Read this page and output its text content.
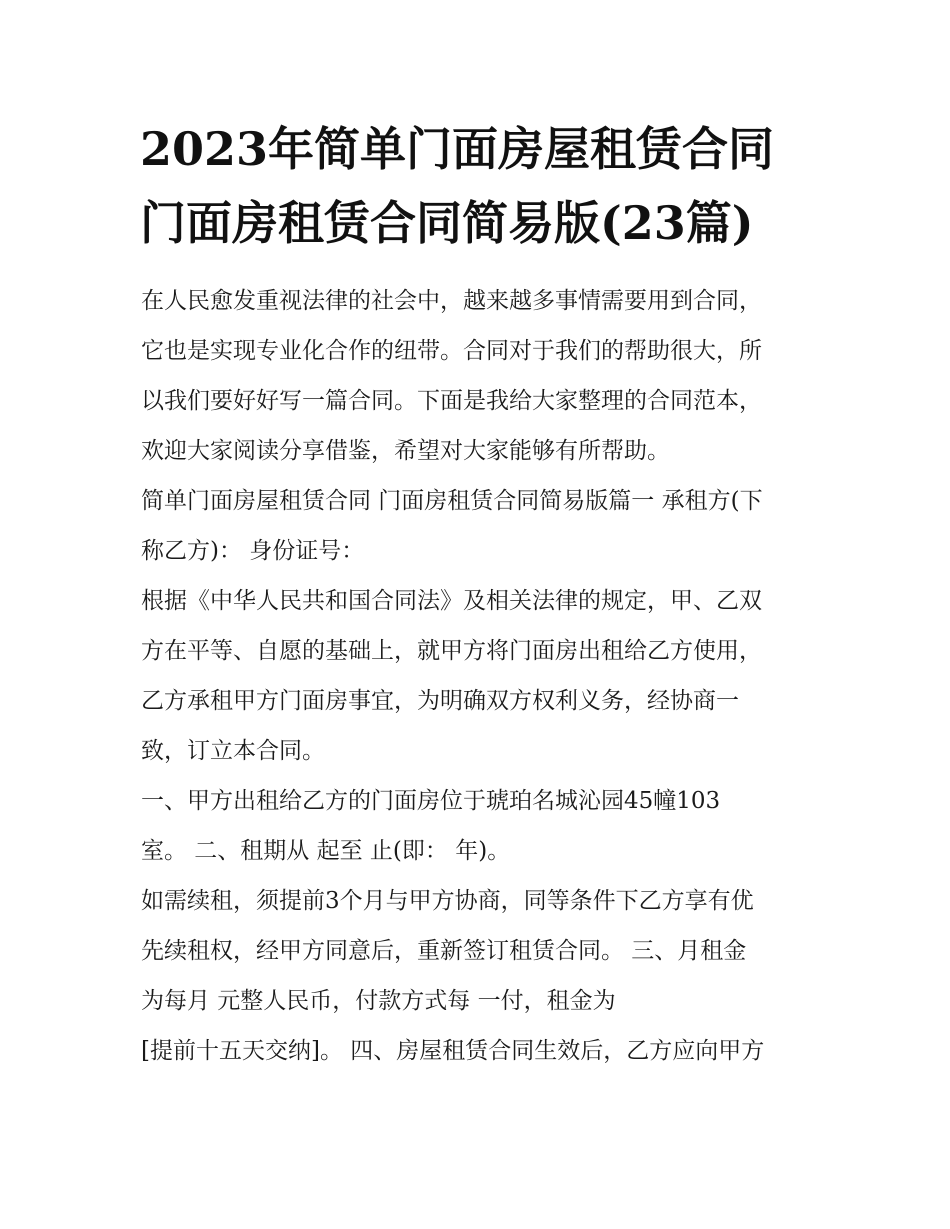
2023年简单门面房屋租赁合同
门面房租赁合同简易版(23篇)
在人民愈发重视法律的社会中，越来越多事情需要用到合同，
它也是实现专业化合作的纽带。合同对于我们的帮助很大，所
以我们要好好写一篇合同。下面是我给大家整理的合同范本，
欢迎大家阅读分享借鉴，希望对大家能够有所帮助。
简单门面房屋租赁合同 门面房租赁合同简易版篇一 承租方(下
称乙方)： 身份证号：
根据《中华人民共和国合同法》及相关法律的规定，甲、乙双
方在平等、自愿的基础上，就甲方将门面房出租给乙方使用，
乙方承租甲方门面房事宜，为明确双方权利义务，经协商一
致，订立本合同。
一、甲方出租给乙方的门面房位于琥珀名城沁园45幢103
室。 二、租期从 起至 止(即： 年)。
如需续租，须提前3个月与甲方协商，同等条件下乙方享有优
先续租权，经甲方同意后，重新签订租赁合同。 三、月租金
为每月 元整人民币，付款方式每 一付，租金为
[提前十五天交纳]。 四、房屋租赁合同生效后，乙方应向甲方
